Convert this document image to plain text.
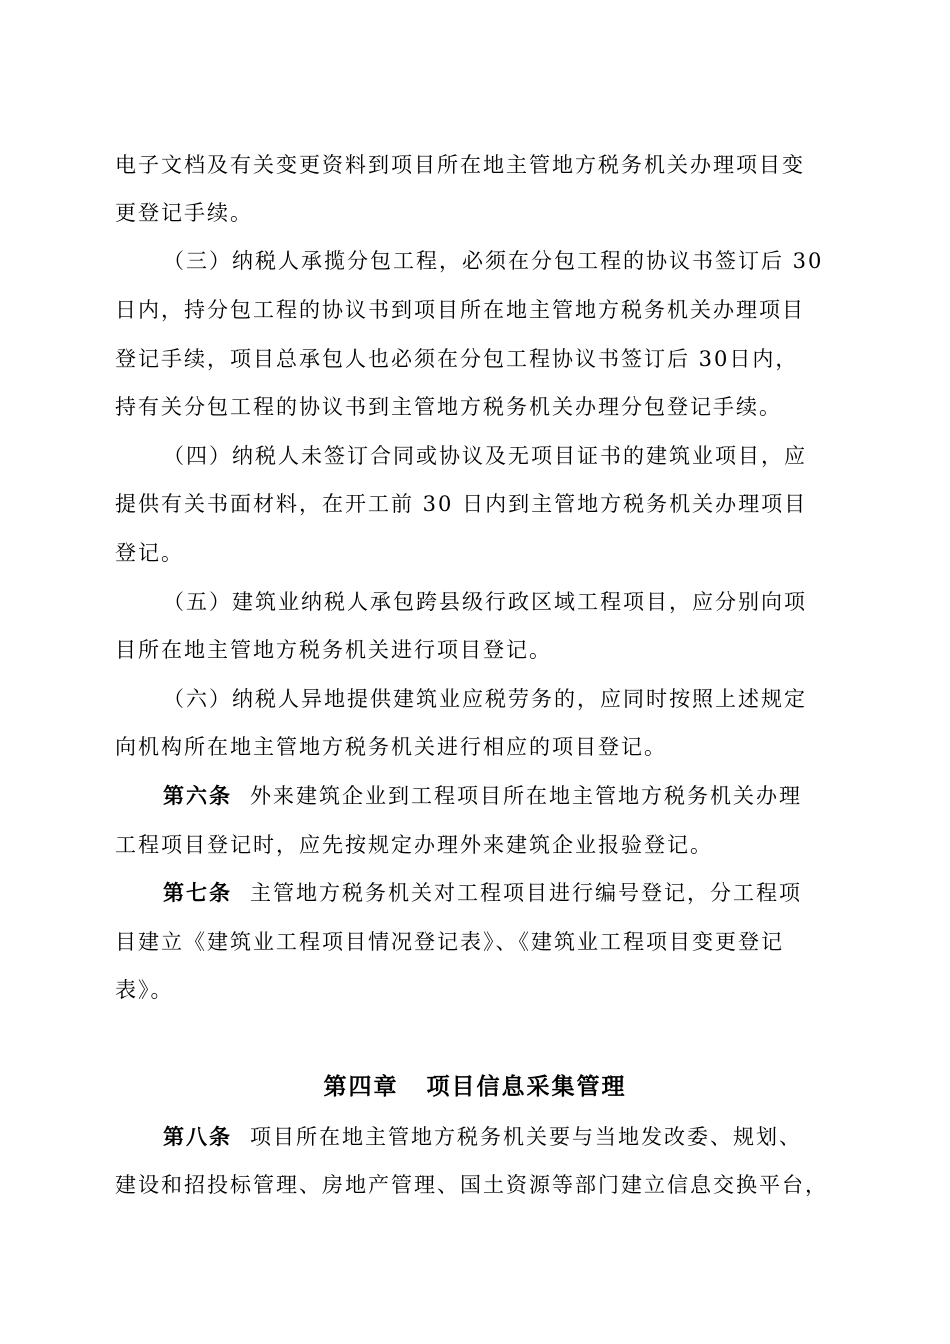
电子文档及有关变更资料到项目所在地主管地方税务机关办理项目变

更登记手续。

（三）纳税人承揽分包工程，必须在分包工程的协议书签订后 30

日内，持分包工程的协议书到项目所在地主管地方税务机关办理项目

登记手续，项目总承包人也必须在分包工程协议书签订后 30日内，

持有关分包工程的协议书到主管地方税务机关办理分包登记手续。

（四）纳税人未签订合同或协议及无项目证书的建筑业项目，应

提供有关书面材料，在开工前 30 日内到主管地方税务机关办理项目

登记。

（五）建筑业纳税人承包跨县级行政区域工程项目，应分别向项

目所在地主管地方税务机关进行项目登记。

（六）纳税人异地提供建筑业应税劳务的，应同时按照上述规定

向机构所在地主管地方税务机关进行相应的项目登记。

第六条 外来建筑企业到工程项目所在地主管地方税务机关办理

工程项目登记时，应先按规定办理外来建筑企业报验登记。

第七条 主管地方税务机关对工程项目进行编号登记，分工程项

目建立《建筑业工程项目情况登记表》、《建筑业工程项目变更登记

表》。

第四章 项目信息采集管理

第八条 项目所在地主管地方税务机关要与当地发改委、规划、

建设和招投标管理、房地产管理、国土资源等部门建立信息交换平台，
